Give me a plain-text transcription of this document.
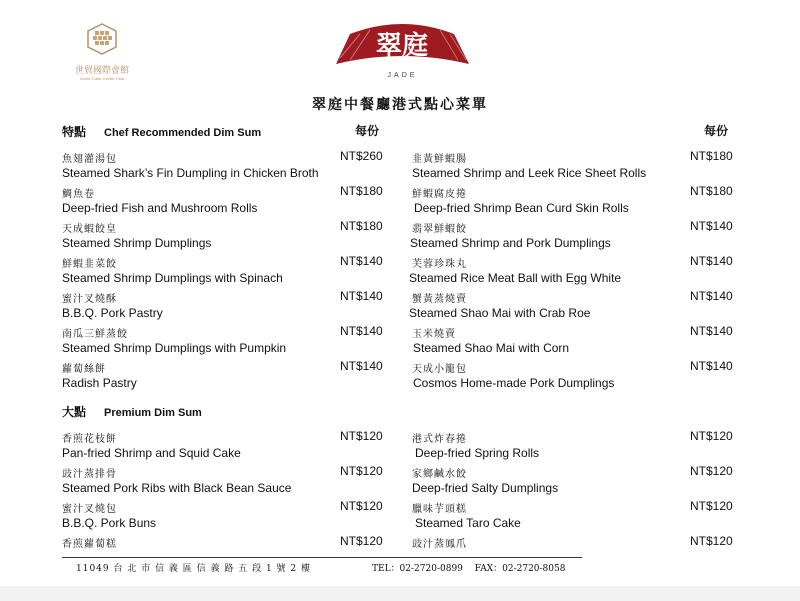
世貿國際會館
World Trade Center Club
翠庭
JADE
翠庭中餐廳港式點心菜單
特點 Chef Recommended Dim Sum	每份	每份
大點 Premium Dim Sum
魚翅灌湯包	NT$260
Steamed Shark’s Fin Dumpling in Chicken Broth
鯛魚卷	NT$180
Deep-fried Fish and Mushroom Rolls
天成蝦餃皇	NT$180
Steamed Shrimp Dumplings
鮮蝦韭菜餃	NT$140
Steamed Shrimp Dumplings with Spinach
蜜汁叉燒酥	NT$140
B.B.Q. Pork Pastry
南瓜三鮮蒸餃	NT$140
Steamed Shrimp Dumplings with Pumpkin
蘿蔔絲餅	NT$140
Radish Pastry
香煎花枝餅	NT$120
Pan-fried Shrimp and Squid Cake
豉汁蒸排骨	NT$120
Steamed Pork Ribs with Black Bean Sauce
蜜汁叉燒包	NT$120
B.B.Q. Pork Buns
香煎蘿蔔糕	NT$120
韭黃鮮蝦腸	NT$180
Steamed Shrimp and Leek Rice Sheet Rolls
鮮蝦腐皮捲	NT$180
Deep-fried Shrimp Bean Curd Skin Rolls
翡翠鮮蝦餃	NT$140
Steamed Shrimp and Pork Dumplings
芙蓉珍珠丸	NT$140
Steamed Rice Meat Ball with Egg White
蟹黃蒸燒賣	NT$140
Steamed Shao Mai with Crab Roe
玉米燒賣	NT$140
Steamed Shao Mai with Corn
天成小籠包	NT$140
Cosmos Home-made Pork Dumplings
港式炸春捲	NT$120
Deep-fried Spring Rolls
家鄉鹹水餃	NT$120
Deep-fried Salty Dumplings
臘味芋頭糕	NT$120
Steamed Taro Cake
豉汁蒸鳳爪	NT$120
11049 台 北 市 信 義 區 信 義 路 五 段 1 號 2 樓	TEL：02-2720-0899　 FAX：02-2720-8058
